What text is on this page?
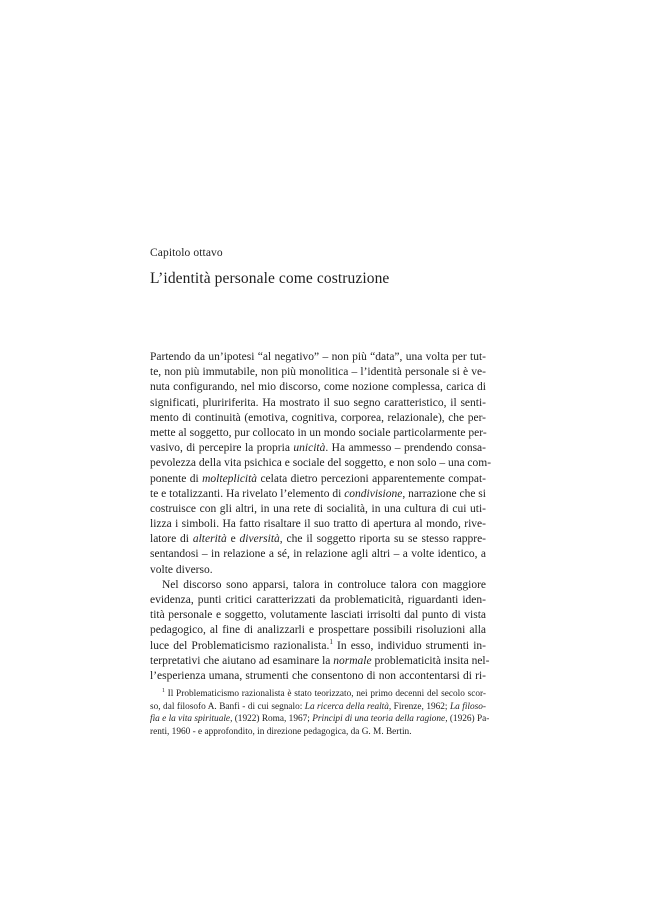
Capitolo ottavo
L’identità personale come costruzione
Partendo da un’ipotesi “al negativo” – non più “data”, una volta per tut-
te, non più immutabile, non più monolitica – l’identità personale si è ve-
nuta configurando, nel mio discorso, come nozione complessa, carica di
significati, pluririferita. Ha mostrato il suo segno caratteristico, il senti-
mento di continuità (emotiva, cognitiva, corporea, relazionale), che per-
mette al soggetto, pur collocato in un mondo sociale particolarmente per-
vasivo, di percepire la propria unicità. Ha ammesso – prendendo consa-
pevolezza della vita psichica e sociale del soggetto, e non solo – una com-
ponente di molteplicità celata dietro percezioni apparentemente compat-
te e totalizzanti. Ha rivelato l’elemento di condivisione, narrazione che si
costruisce con gli altri, in una rete di socialità, in una cultura di cui uti-
lizza i simboli. Ha fatto risaltare il suo tratto di apertura al mondo, rive-
latore di alterità e diversità, che il soggetto riporta su se stesso rappre-
sentandosi – in relazione a sé, in relazione agli altri – a volte identico, a
volte diverso.
Nel discorso sono apparsi, talora in controluce talora con maggiore
evidenza, punti critici caratterizzati da problematicità, riguardanti iden-
tità personale e soggetto, volutamente lasciati irrisolti dal punto di vista
pedagogico, al fine di analizzarli e prospettare possibili risoluzioni alla
luce del Problematicismo razionalista.$^1$ In esso, individuo strumenti in-
terpretativi che aiutano ad esaminare la normale problematicità insita nel-
l’esperienza umana, strumenti che consentono di non accontentarsi di ri-
$^1$ Il Problematicismo razionalista è stato teorizzato, nei primo decenni del secolo scor-
so, dal filosofo A. Banfi - di cui segnalo: La ricerca della realtà, Firenze, 1962; La filoso-
fia e la vita spirituale, (1922) Roma, 1967; Principi di una teoria della ragione, (1926) Pa-
renti, 1960 - e approfondito, in direzione pedagogica, da G. M. Bertin.
